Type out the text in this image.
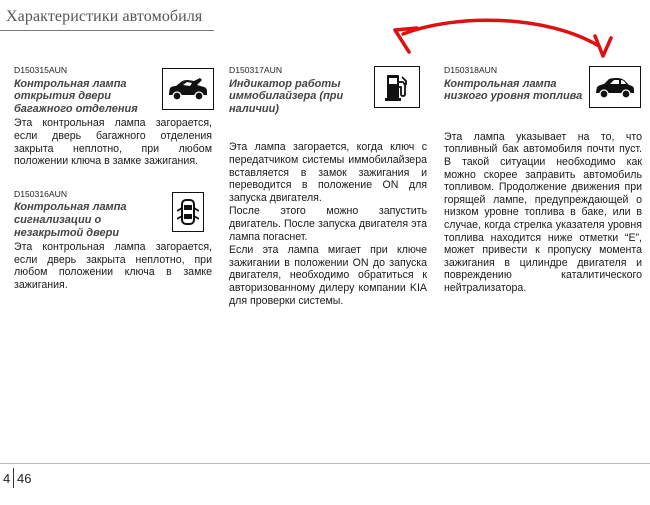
Характеристики автомобиля
D150315AUN
Контрольная лампа
открытия двери
багажного отделения
Эта контрольная лампа загорается, если дверь багажного отделения закрыта неплотно, при любом положении ключа в замке зажигания.
D150316AUN
Контрольная лампа
сигнализации о
незакрытой двери
Эта контрольная лампа загорается, если дверь закрыта неплотно, при любом положении ключа в замке зажигания.
D150317AUN
Индикатор работы
иммобилайзера (при
наличии)
Эта лампа загорается, когда ключ с передатчиком системы иммобилайзера вставляется в замок зажигания и переводится в положение ON для запуска двигателя.
После этого можно запустить двигатель. После запуска двигателя эта лампа погаснет.
Если эта лампа мигает при ключе зажигании в положении ON до запуска двигателя, необходимо обратиться к авторизованному дилеру компании KIA для проверки системы.
D150318AUN
Контрольная лампа
низкого уровня топлива
Эта лампа указывает на то, что топливный бак автомобиля почти пуст. В такой ситуации необходимо как можно скорее заправить автомобиль топливом. Продолжение движения при горящей лампе, предупреждающей о низком уровне топлива в баке, или в случае, когда стрелка указателя уровня топлива находится ниже отметки “E”, может привести к пропуску момента зажигания в цилиндре двигателя и повреждению каталитического нейтрализатора.
4 46
